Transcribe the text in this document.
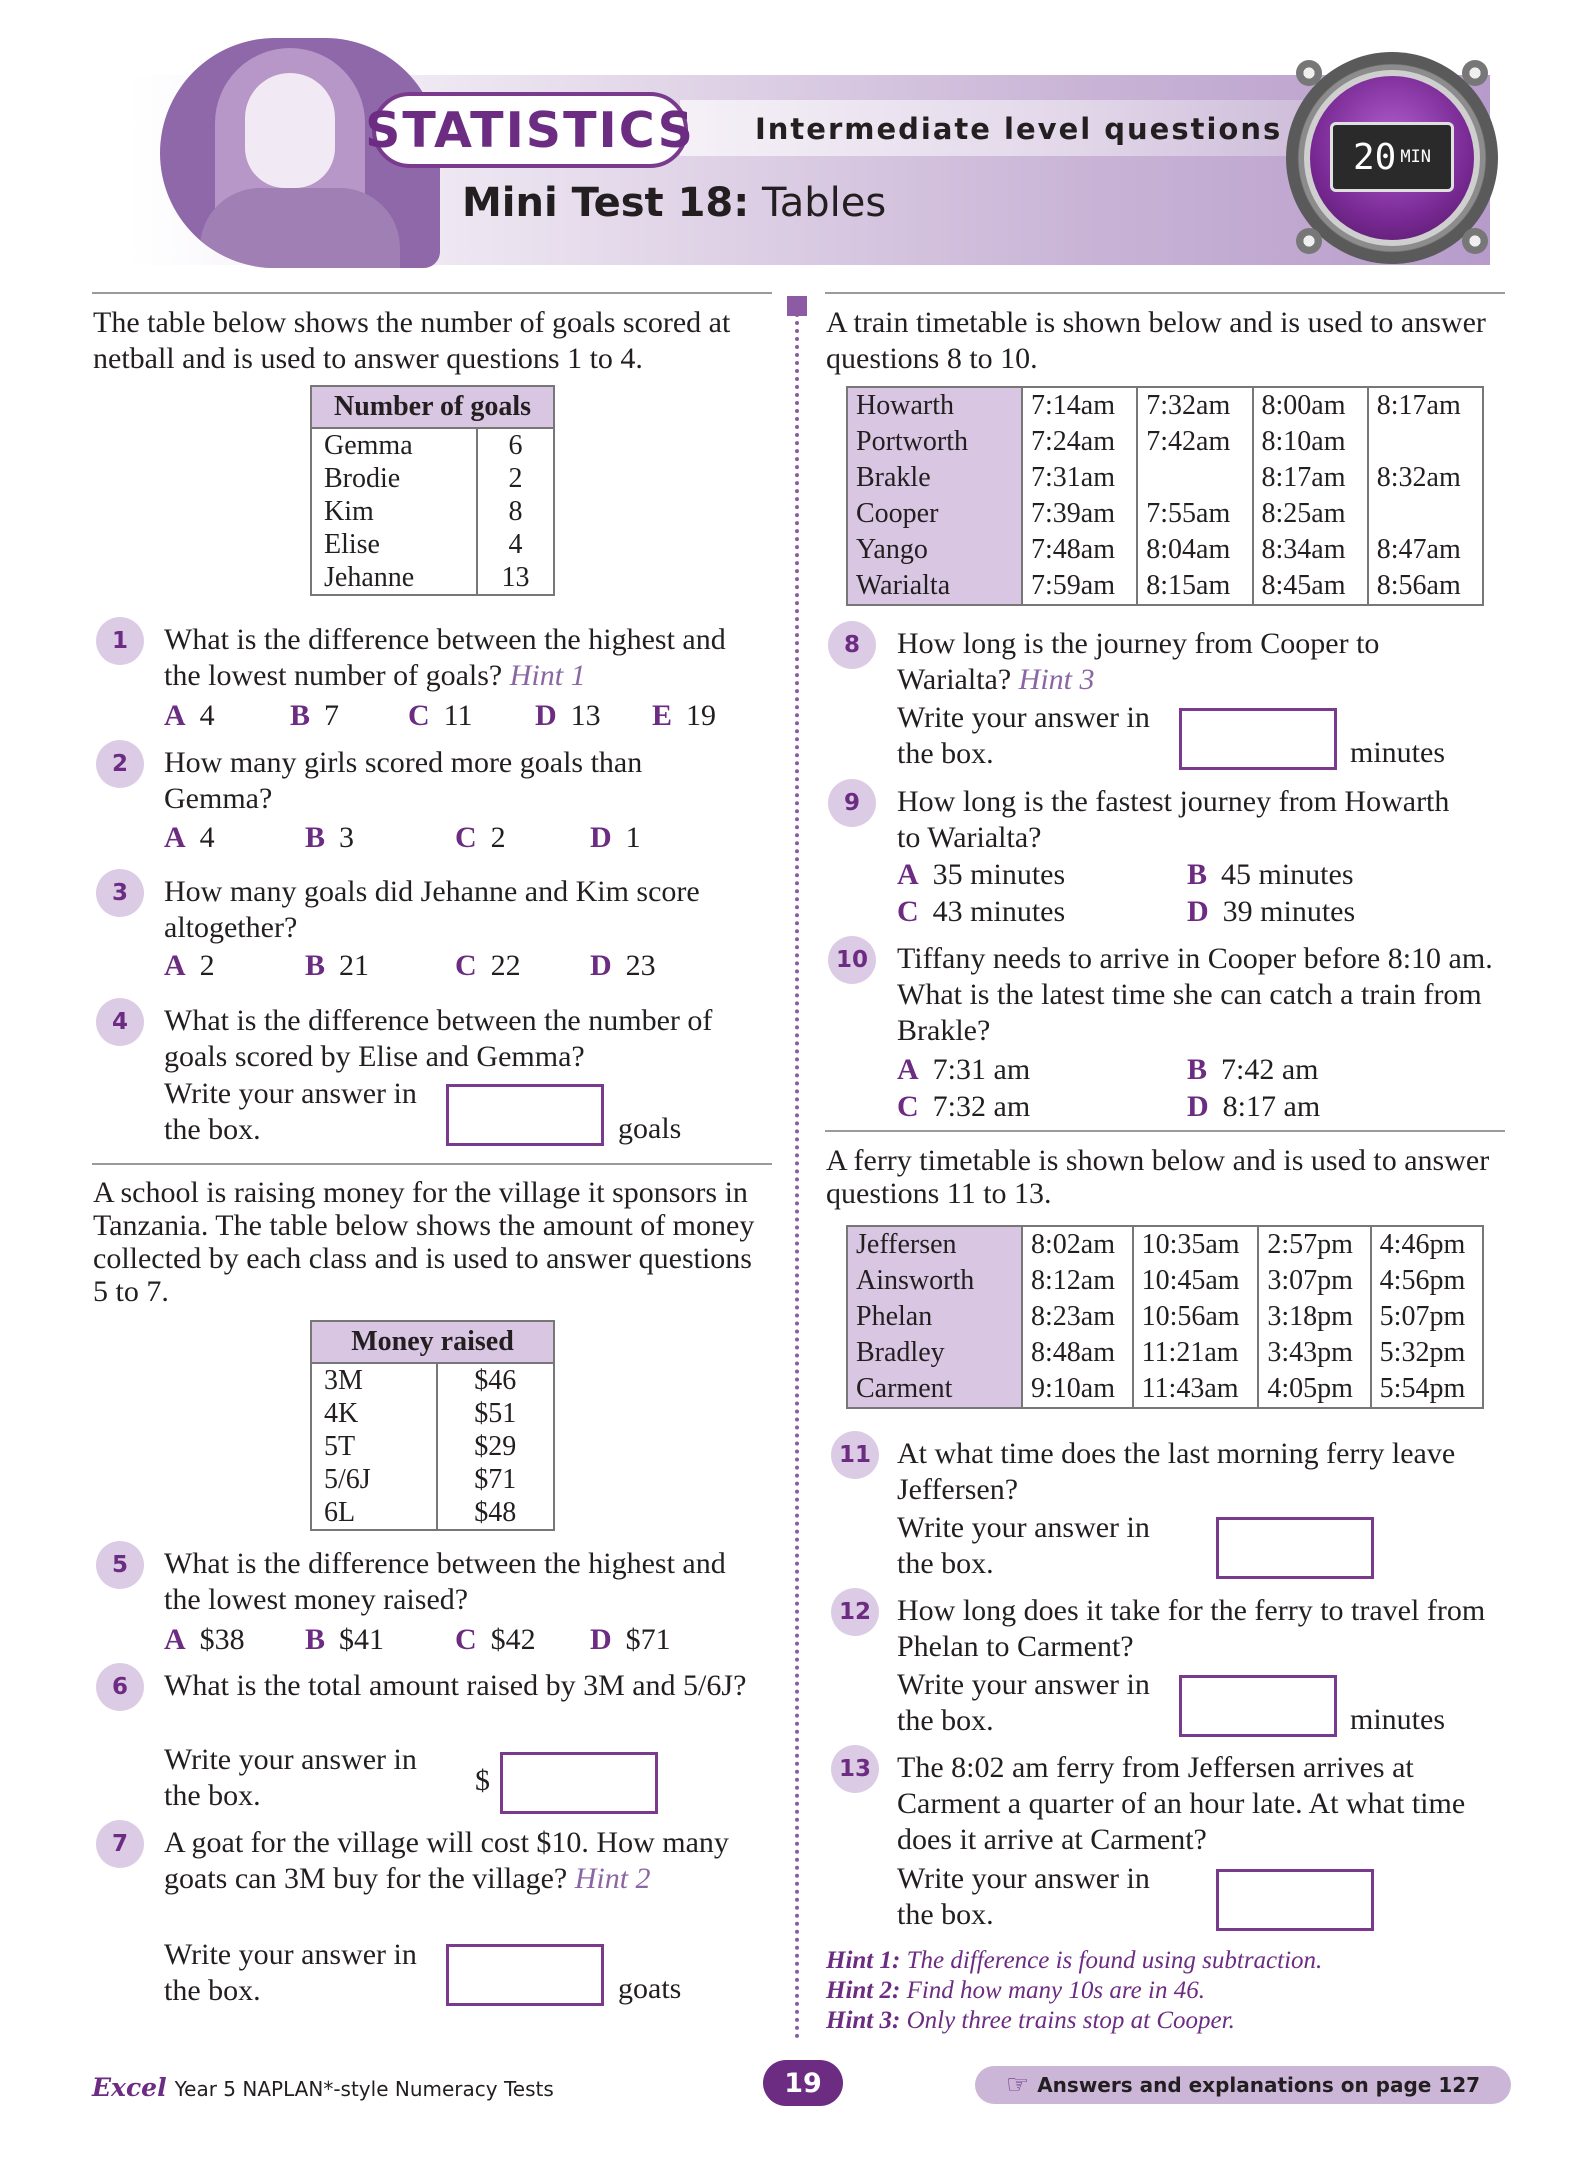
STATISTICS Intermediate level questions
Mini Test 18: Tables
20 MIN
The table below shows the number of goals scored at netball and is used to answer questions 1 to 4.
Number of goals	
Gemma	6
Brodie	2
Kim	8
Elise	4
Jehanne	13
1	What is the difference between the highest and the lowest number of goals? Hint 1
A 4	B 7 C 11 D 13 E 19
2	How many girls scored more goals than Gemma?
A 4	B 3	C 2	D 1
3	How many goals did Jehanne and Kim score altogether?
A 2	B 21	C 22 D 23
4	What is the difference between the number of goals scored by Elise and Gemma?
Write your answer in the box.	goals
A school is raising money for the village it sponsors in Tanzania. The table below shows the amount of money collected by each class and is used to answer questions 5 to 7.
Money raised	
3M	$46
4K	$51
5T	$29
5/6J	$71
6L	$48
5	What is the difference between the highest and the lowest money raised?
A $38 B $41 C $42 D $71
6	What is the total amount raised by 3M and 5/6J?
Write your answer in the box.	$
7	A goat for the village will cost $10. How many goats can 3M buy for the village? Hint 2
Write your answer in the box.	goats
A train timetable is shown below and is used to answer questions 8 to 10.
Howarth	7:14am	7:32am	8:00am	8:17am
Portworth	7:24am	7:42am	8:10am	
Brakle	7:31am		8:17am	8:32am
Cooper	7:39am	7:55am	8:25am	
Yango	7:48am	8:04am	8:34am	8:47am
Warialta	7:59am	8:15am	8:45am	8:56am
8	How long is the journey from Cooper to Warialta? Hint 3
Write your answer in the box.	minutes
9	How long is the fastest journey from Howarth to Warialta?
A 35 minutes	B 45 minutes
C 43 minutes	D 39 minutes
10 Tiffany needs to arrive in Cooper before 8:10 am. What is the latest time she can catch a train from Brakle?
A 7:31 am	B 7:42 am
C 7:32 am	D 8:17 am
A ferry timetable is shown below and is used to answer questions 11 to 13.
Jeffersen	8:02am	10:35am	2:57pm	4:46pm
Ainsworth	8:12am	10:45am	3:07pm	4:56pm
Phelan	8:23am	10:56am	3:18pm	5:07pm
Bradley	8:48am	11:21am	3:43pm	5:32pm
Carment	9:10am	11:43am	4:05pm	5:54pm
11 At what time does the last morning ferry leave Jeffersen?
Write your answer in the box.
12 How long does it take for the ferry to travel from Phelan to Carment?
Write your answer in the box.	minutes
13 The 8:02 am ferry from Jeffersen arrives at Carment a quarter of an hour late. At what time does it arrive at Carment?
Write your answer in the box.
Hint 1: The difference is found using subtraction.
Hint 2: Find how many 10s are in 46.
Hint 3: Only three trains stop at Cooper.
Excel Year 5 NAPLAN*-style Numeracy Tests	19	☞ Answers and explanations on page 127
